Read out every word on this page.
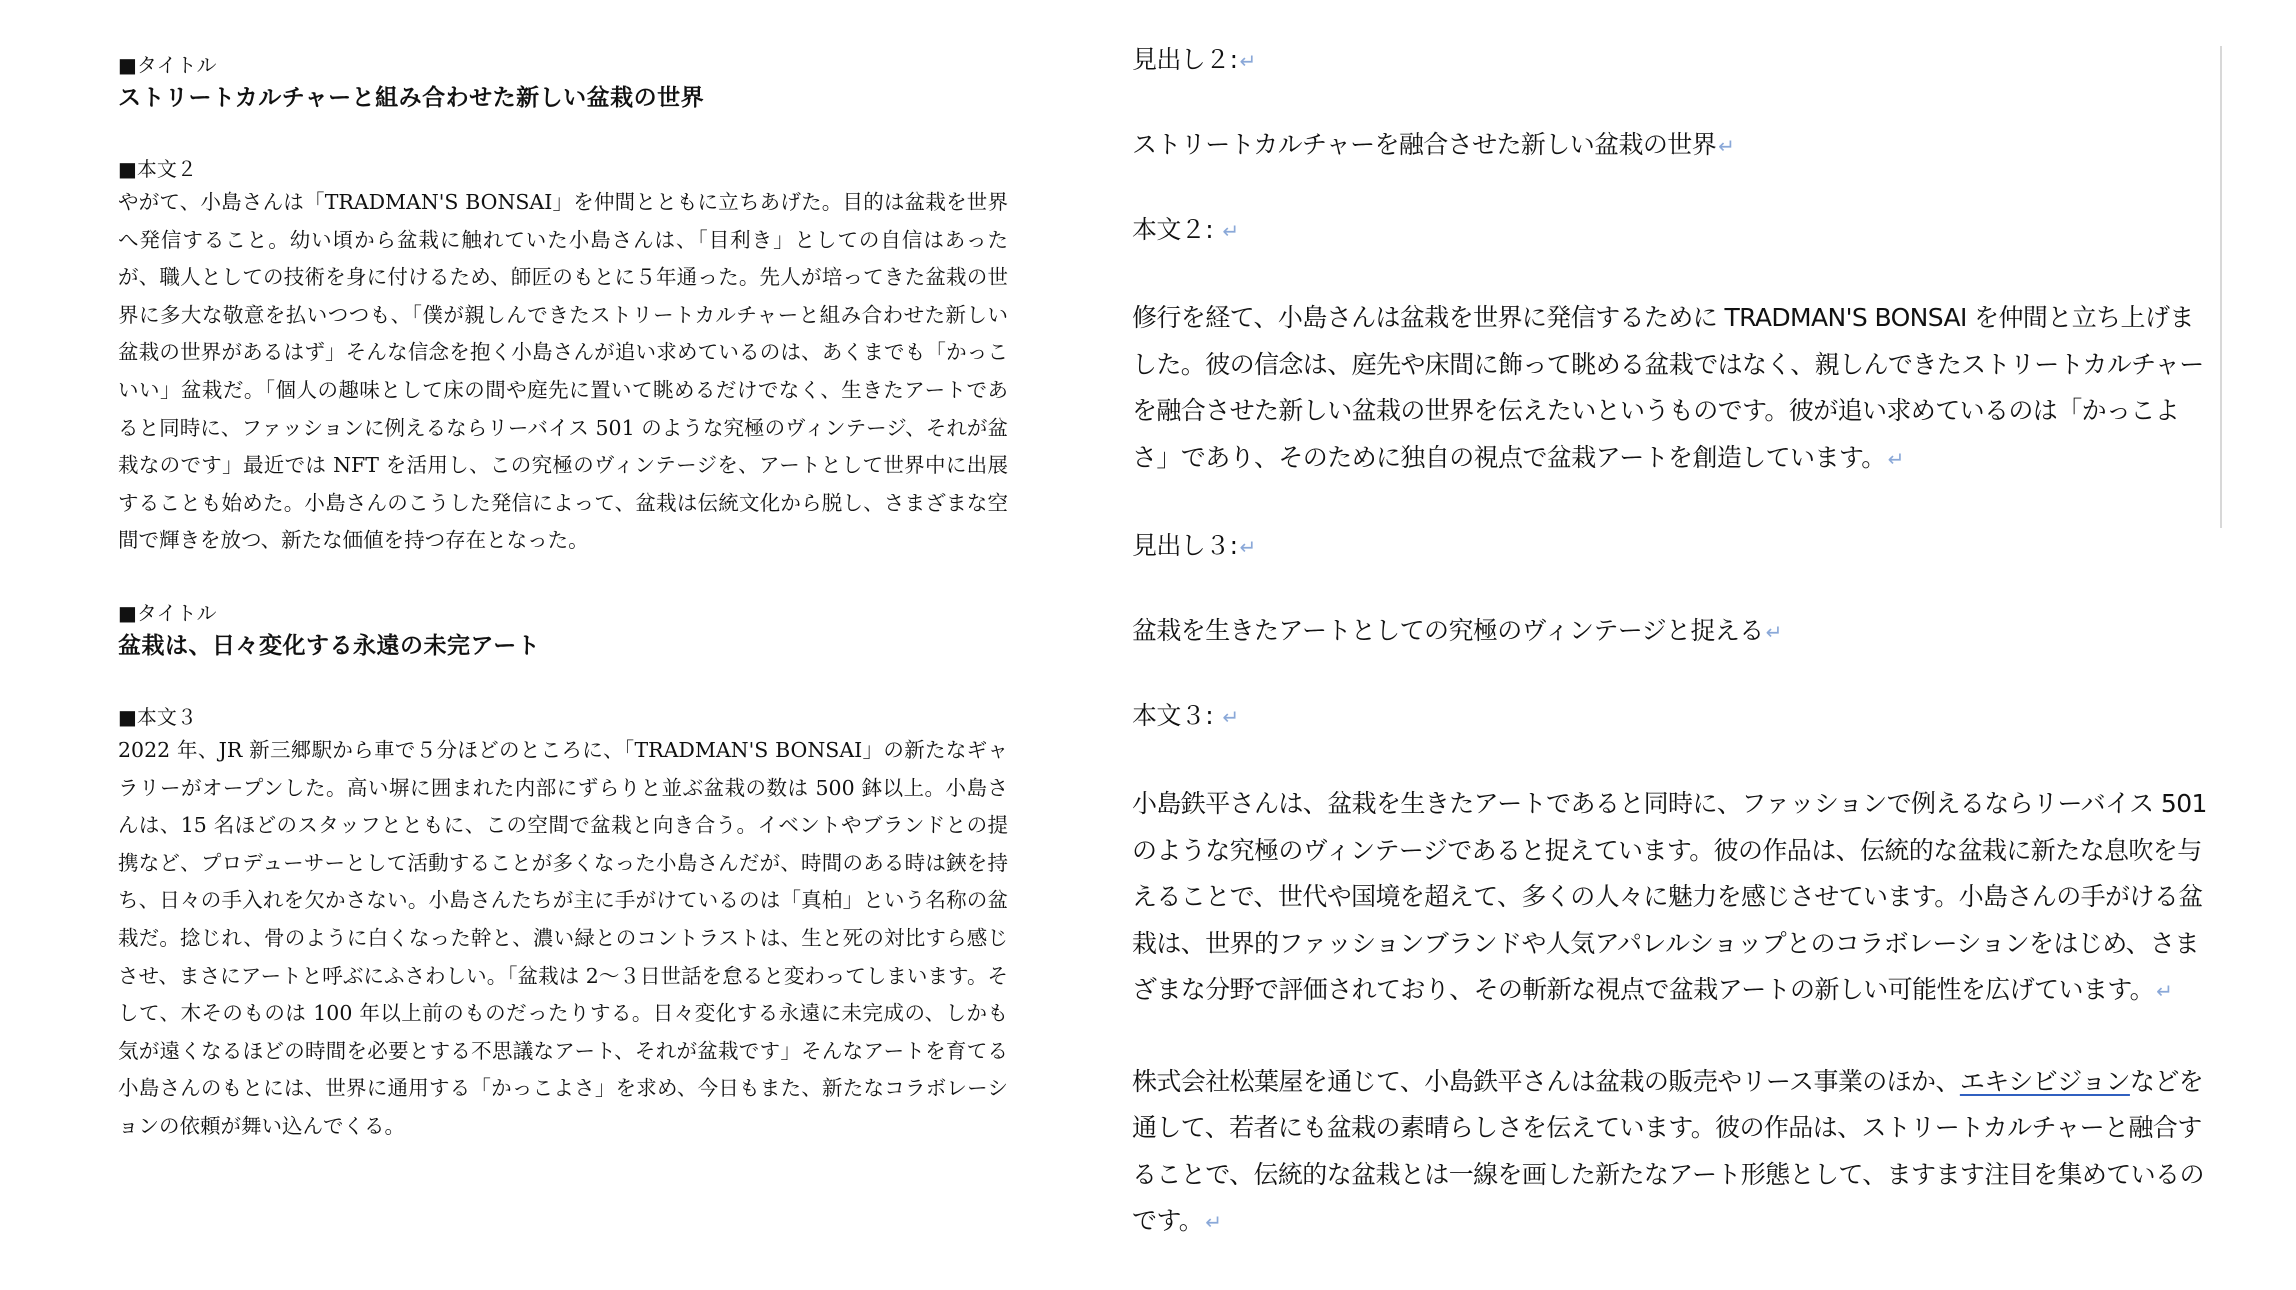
■タイトル

ストリートカルチャーと組み合わせた新しい盆栽の世界

■本文２

やがて、小島さんは「TRADMAN'S BONSAI」を仲間とともに立ちあげた。目的は盆栽を世界へ発信すること。幼い頃から盆栽に触れていた小島さんは、「目利き」としての自信はあったが、職人としての技術を身に付けるため、師匠のもとに５年通った。先人が培ってきた盆栽の世界に多大な敬意を払いつつも、「僕が親しんできたストリートカルチャーと組み合わせた新しい盆栽の世界があるはず」そんな信念を抱く小島さんが追い求めているのは、あくまでも「かっこいい」盆栽だ。「個人の趣味として床の間や庭先に置いて眺めるだけでなく、生きたアートであると同時に、ファッションに例えるならリーバイス 501 のような究極のヴィンテージ、それが盆栽なのです」最近では NFT を活用し、この究極のヴィンテージを、アートとして世界中に出展することも始めた。小島さんのこうした発信によって、盆栽は伝統文化から脱し、さまざまな空間で輝きを放つ、新たな価値を持つ存在となった。

■タイトル

盆栽は、日々変化する永遠の未完アート

■本文３

2022 年、JR 新三郷駅から車で５分ほどのところに、「TRADMAN'S BONSAI」の新たなギャラリーがオープンした。高い塀に囲まれた内部にずらりと並ぶ盆栽の数は 500 鉢以上。小島さんは、15 名ほどのスタッフとともに、この空間で盆栽と向き合う。イベントやブランドとの提携など、プロデューサーとして活動することが多くなった小島さんだが、時間のある時は鋏を持ち、日々の手入れを欠かさない。小島さんたちが主に手がけているのは「真柏」という名称の盆栽だ。捻じれ、骨のように白くなった幹と、濃い緑とのコントラストは、生と死の対比すら感じさせ、まさにアートと呼ぶにふさわしい。「盆栽は 2〜３日世話を怠ると変わってしまいます。そして、木そのものは 100 年以上前のものだったりする。日々変化する永遠に未完成の、しかも気が遠くなるほどの時間を必要とする不思議なアート、それが盆栽です」そんなアートを育てる小島さんのもとには、世界に通用する「かっこよさ」を求め、今日もまた、新たなコラボレーションの依頼が舞い込んでくる。

見出し２: ↵

ストリートカルチャーを融合させた新しい盆栽の世界 ↵

本文２: ↵

修行を経て、小島さんは盆栽を世界に発信するために TRADMAN'S BONSAI を仲間と立ち上げました。彼の信念は、庭先や床間に飾って眺める盆栽ではなく、親しんできたストリートカルチャーを融合させた新しい盆栽の世界を伝えたいというものです。彼が追い求めているのは「かっこよさ」であり、そのために独自の視点で盆栽アートを創造しています。 ↵

見出し３: ↵

盆栽を生きたアートとしての究極のヴィンテージと捉える ↵

本文３: ↵

小島鉄平さんは、盆栽を生きたアートであると同時に、ファッションで例えるならリーバイス 501 のような究極のヴィンテージであると捉えています。彼の作品は、伝統的な盆栽に新たな息吹を与えることで、世代や国境を超えて、多くの人々に魅力を感じさせています。小島さんの手がける盆栽は、世界的ファッションブランドや人気アパレルショップとのコラボレーションをはじめ、さまざまな分野で評価されており、その斬新な視点で盆栽アートの新しい可能性を広げています。 ↵

株式会社松葉屋を通じて、小島鉄平さんは盆栽の販売やリース事業のほか、エキシビジョンなどを通して、若者にも盆栽の素晴らしさを伝えています。彼の作品は、ストリートカルチャーと融合することで、伝統的な盆栽とは一線を画した新たなアート形態として、ますます注目を集めているのです。 ↵
